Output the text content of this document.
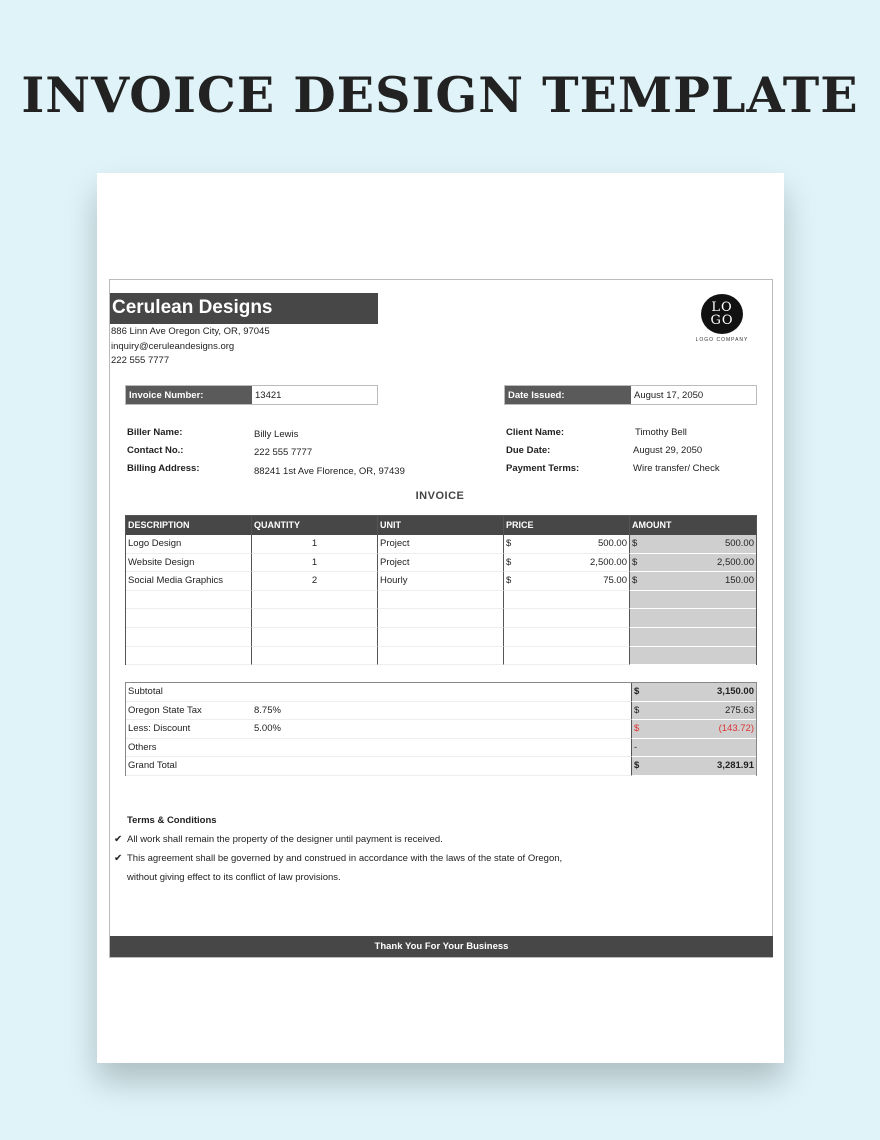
INVOICE DESIGN TEMPLATE
Cerulean Designs
886 Linn Ave Oregon City, OR, 97045
inquiry@ceruleandesigns.org
222 555 7777
LO
GO
LOGO COMPANY
Invoice Number:	13421	Date Issued:	August 17, 2050
Biller Name:	Billy Lewis
Contact No.:	222 555 7777
Billing Address:	88241 1st Ave Florence, OR, 97439
Client Name:	Timothy Bell
Due Date:	August 29, 2050
Payment Terms:	Wire transfer/ Check
INVOICE
DESCRIPTION	QUANTITY	UNIT	PRICE	AMOUNT
Logo Design	1	Project	$	500.00 $	500.00
Website Design	1	Project	$	2,500.00 $	2,500.00
Social Media Graphics	2	Hourly	$	75.00 $	150.00
Subtotal	$	3,150.00
Oregon State Tax	8.75%	$	275.63
Less: Discount	5.00%	$	(143.72)
Others	-
Grand Total	$	3,281.91
Terms & Conditions
✔ All work shall remain the property of the designer until payment is received.
✔ This agreement shall be governed by and construed in accordance with the laws of the state of Oregon,
without giving effect to its conflict of law provisions.
Thank You For Your Business
